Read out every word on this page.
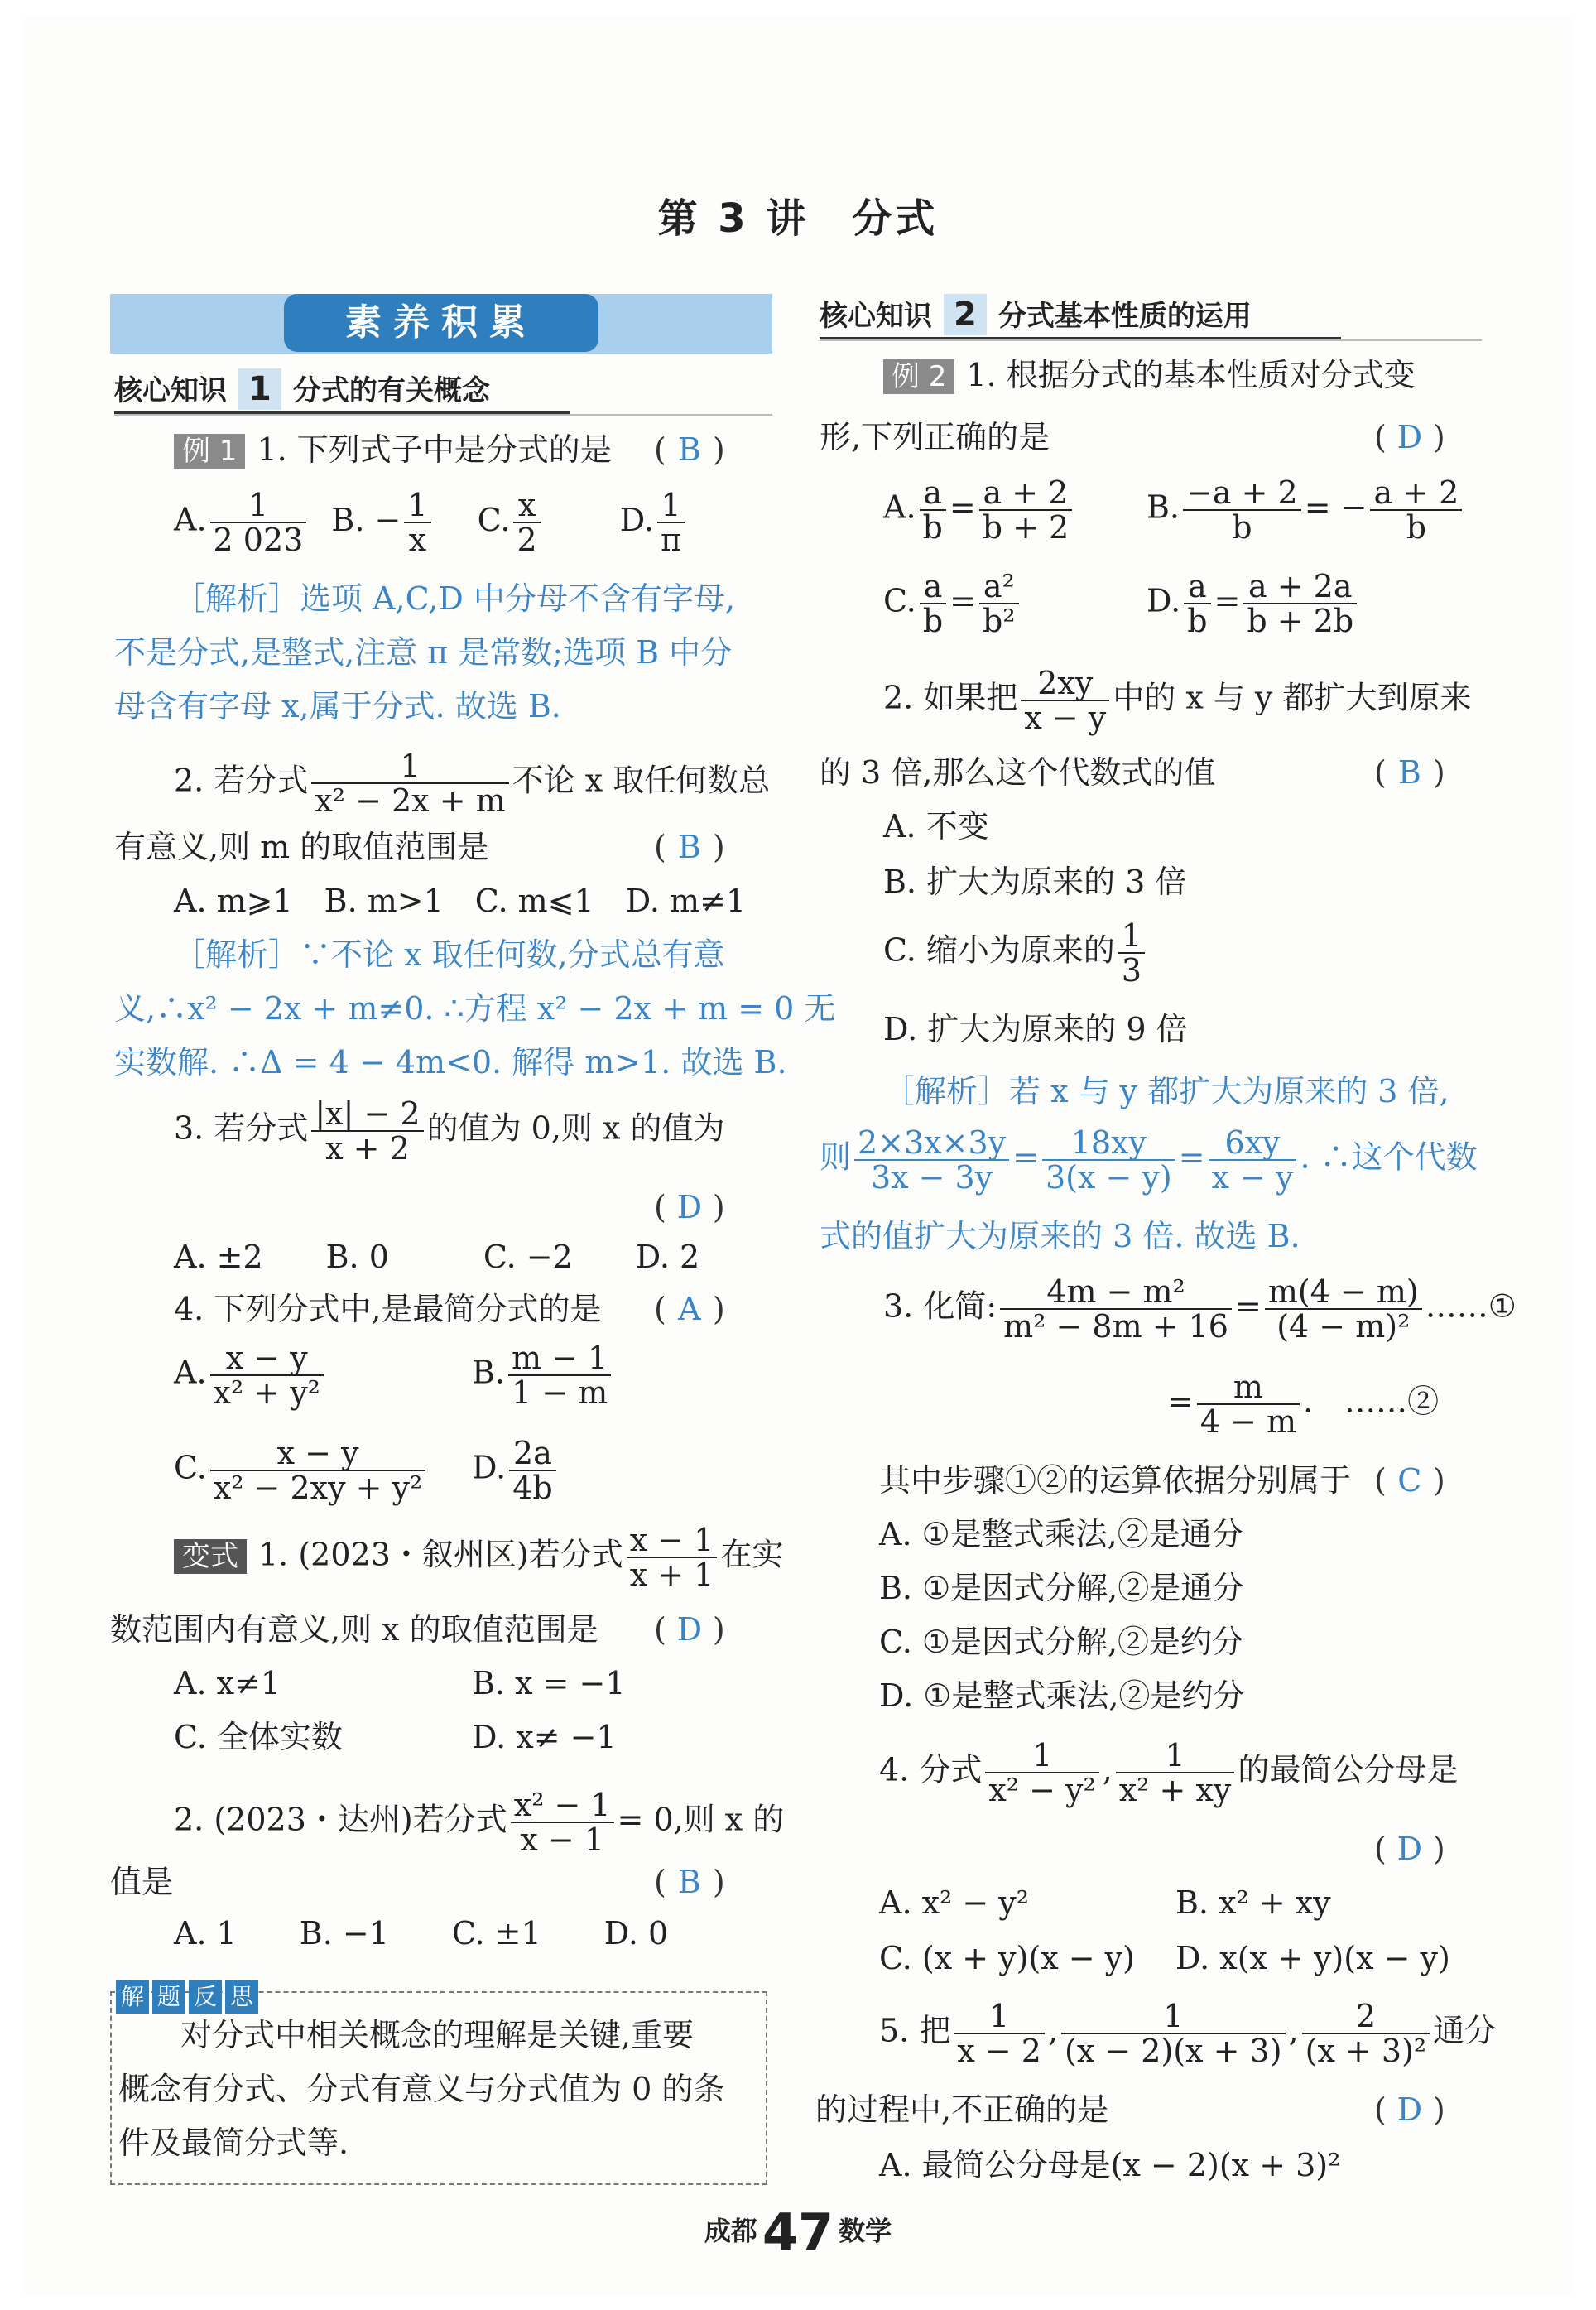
第 3 讲　分式
素养积累
核心知识 1 分式的有关概念
例 1 1. 下列式子中是分式的是 ( B )
A. $\frac{1}{2 023} B$. − $\frac{1}{x} C$. $\frac{x}{2}$	D. $\frac{1}{\pi}$
［解析］选项 A,C,D 中分母不含有字母,
不是分式,是整式,注意 π 是常数;选项 B 中分
母含有字母 x,属于分式. 故选 B.
2. 若分式 $\frac{1}{\text{x² − 2x + m}}$ 不论 x 取任何数总
有意义,则 m 的取值范围是	( B )
A. m⩾1　B. m>1　C. m⩽1　D. m≠1
［解析］∵不论 x 取任何数,分式总有意
义,∴x² − 2x + m≠0. ∴方程 x² − 2x + m = 0 无
实数解. ∴Δ = 4 − 4m<0. 解得 m>1. 故选 B.
3. 若分式 $\frac{|x| - 2}{x + 2}$ 的值为 0,则 x 的值为
( D )
A. ±2　　B. 0　　　C. −2　　D. 2
4. 下列分式中,是最简分式的是 ( A )
A. $\frac{x - y}{\text{x² + y²}}$	B. $\frac{m - 1}{1 - m}$
C. $\frac{x - y}{\text{x² − 2xy + y²}} D$. $\frac{2a}{4b}$
变式 1. (2023・叙州区)若分式 $\frac{x - 1}{x + 1}$ 在实
数范围内有意义,则 x 的取值范围是 ( D )
A. x≠1	B. x = −1
C. 全体实数	D. x≠ −1
2. (2023・达州)若分式 $\frac{\text{x² − 1}}{x - 1} = 0$,则 x 的
值是	( B )
A. 1　　B. −1　　C. ±1　　D. 0
解 题 反 思
对分式中相关概念的理解是关键,重要
概念有分式、分式有意义与分式值为 0 的条
件及最简分式等.
核心知识 2 分式基本性质的运用
例 2 1. 根据分式的基本性质对分式变
形,下列正确的是	( D )
A. $\frac{a}{b} = \frac{a + 2}{b + 2} B$. $\frac{-a + 2}{b}$ = − $\frac{a + 2}{b}$
C. $\frac{a}{b} = \frac{\text{a²}}{\text{b²}}$	D. $\frac{a}{b} = \frac{a + 2a}{b + 2b}$
2. 如果把 $\frac{2xy}{x - y}$ 中的 x 与 y 都扩大到原来
的 3 倍,那么这个代数式的值	( B )
A. 不变
B. 扩大为原来的 3 倍
C. 缩小为原来的 $\frac{1}{3}$
D. 扩大为原来的 9 倍
［解析］若 x 与 y 都扩大为原来的 3 倍,
则 $\frac{2\times 3x\times 3y}{3x - 3y} = \frac{18xy}{3(x - y)} = \frac{6xy}{x - y}$ . ∴这个代数
式的值扩大为原来的 3 倍. 故选 B.
3. 化简: $\frac{\text{4m − m²}}{\text{m² − 8m + 16}} = \frac{m(4 - m)}{\text{(4 − m)²}}$ ……①
= $\frac{m}{4 - m}$ .　……②
其中步骤①②的运算依据分别属于 ( C )
A. ①是整式乘法,②是通分
B. ①是因式分解,②是通分
C. ①是因式分解,②是约分
D. ①是整式乘法,②是约分
4. 分式 $\frac{1}{\text{x² − y²}}$ , $\frac{1}{\text{x² + xy}}$ 的最简公分母是
( D )
A. x² − y²	B. x² + xy
C. (x + y)(x − y) D. x(x + y)(x − y)
5. 把 $\frac{1}{x - 2}$ , $\frac{1}{(x - 2)(x + 3)}$ , $\frac{2}{\text{(x + 3)²}}$ 通分
的过程中,不正确的是	( D )
A. 最简公分母是(x − 2)(x + 3)²
成都47 数学
